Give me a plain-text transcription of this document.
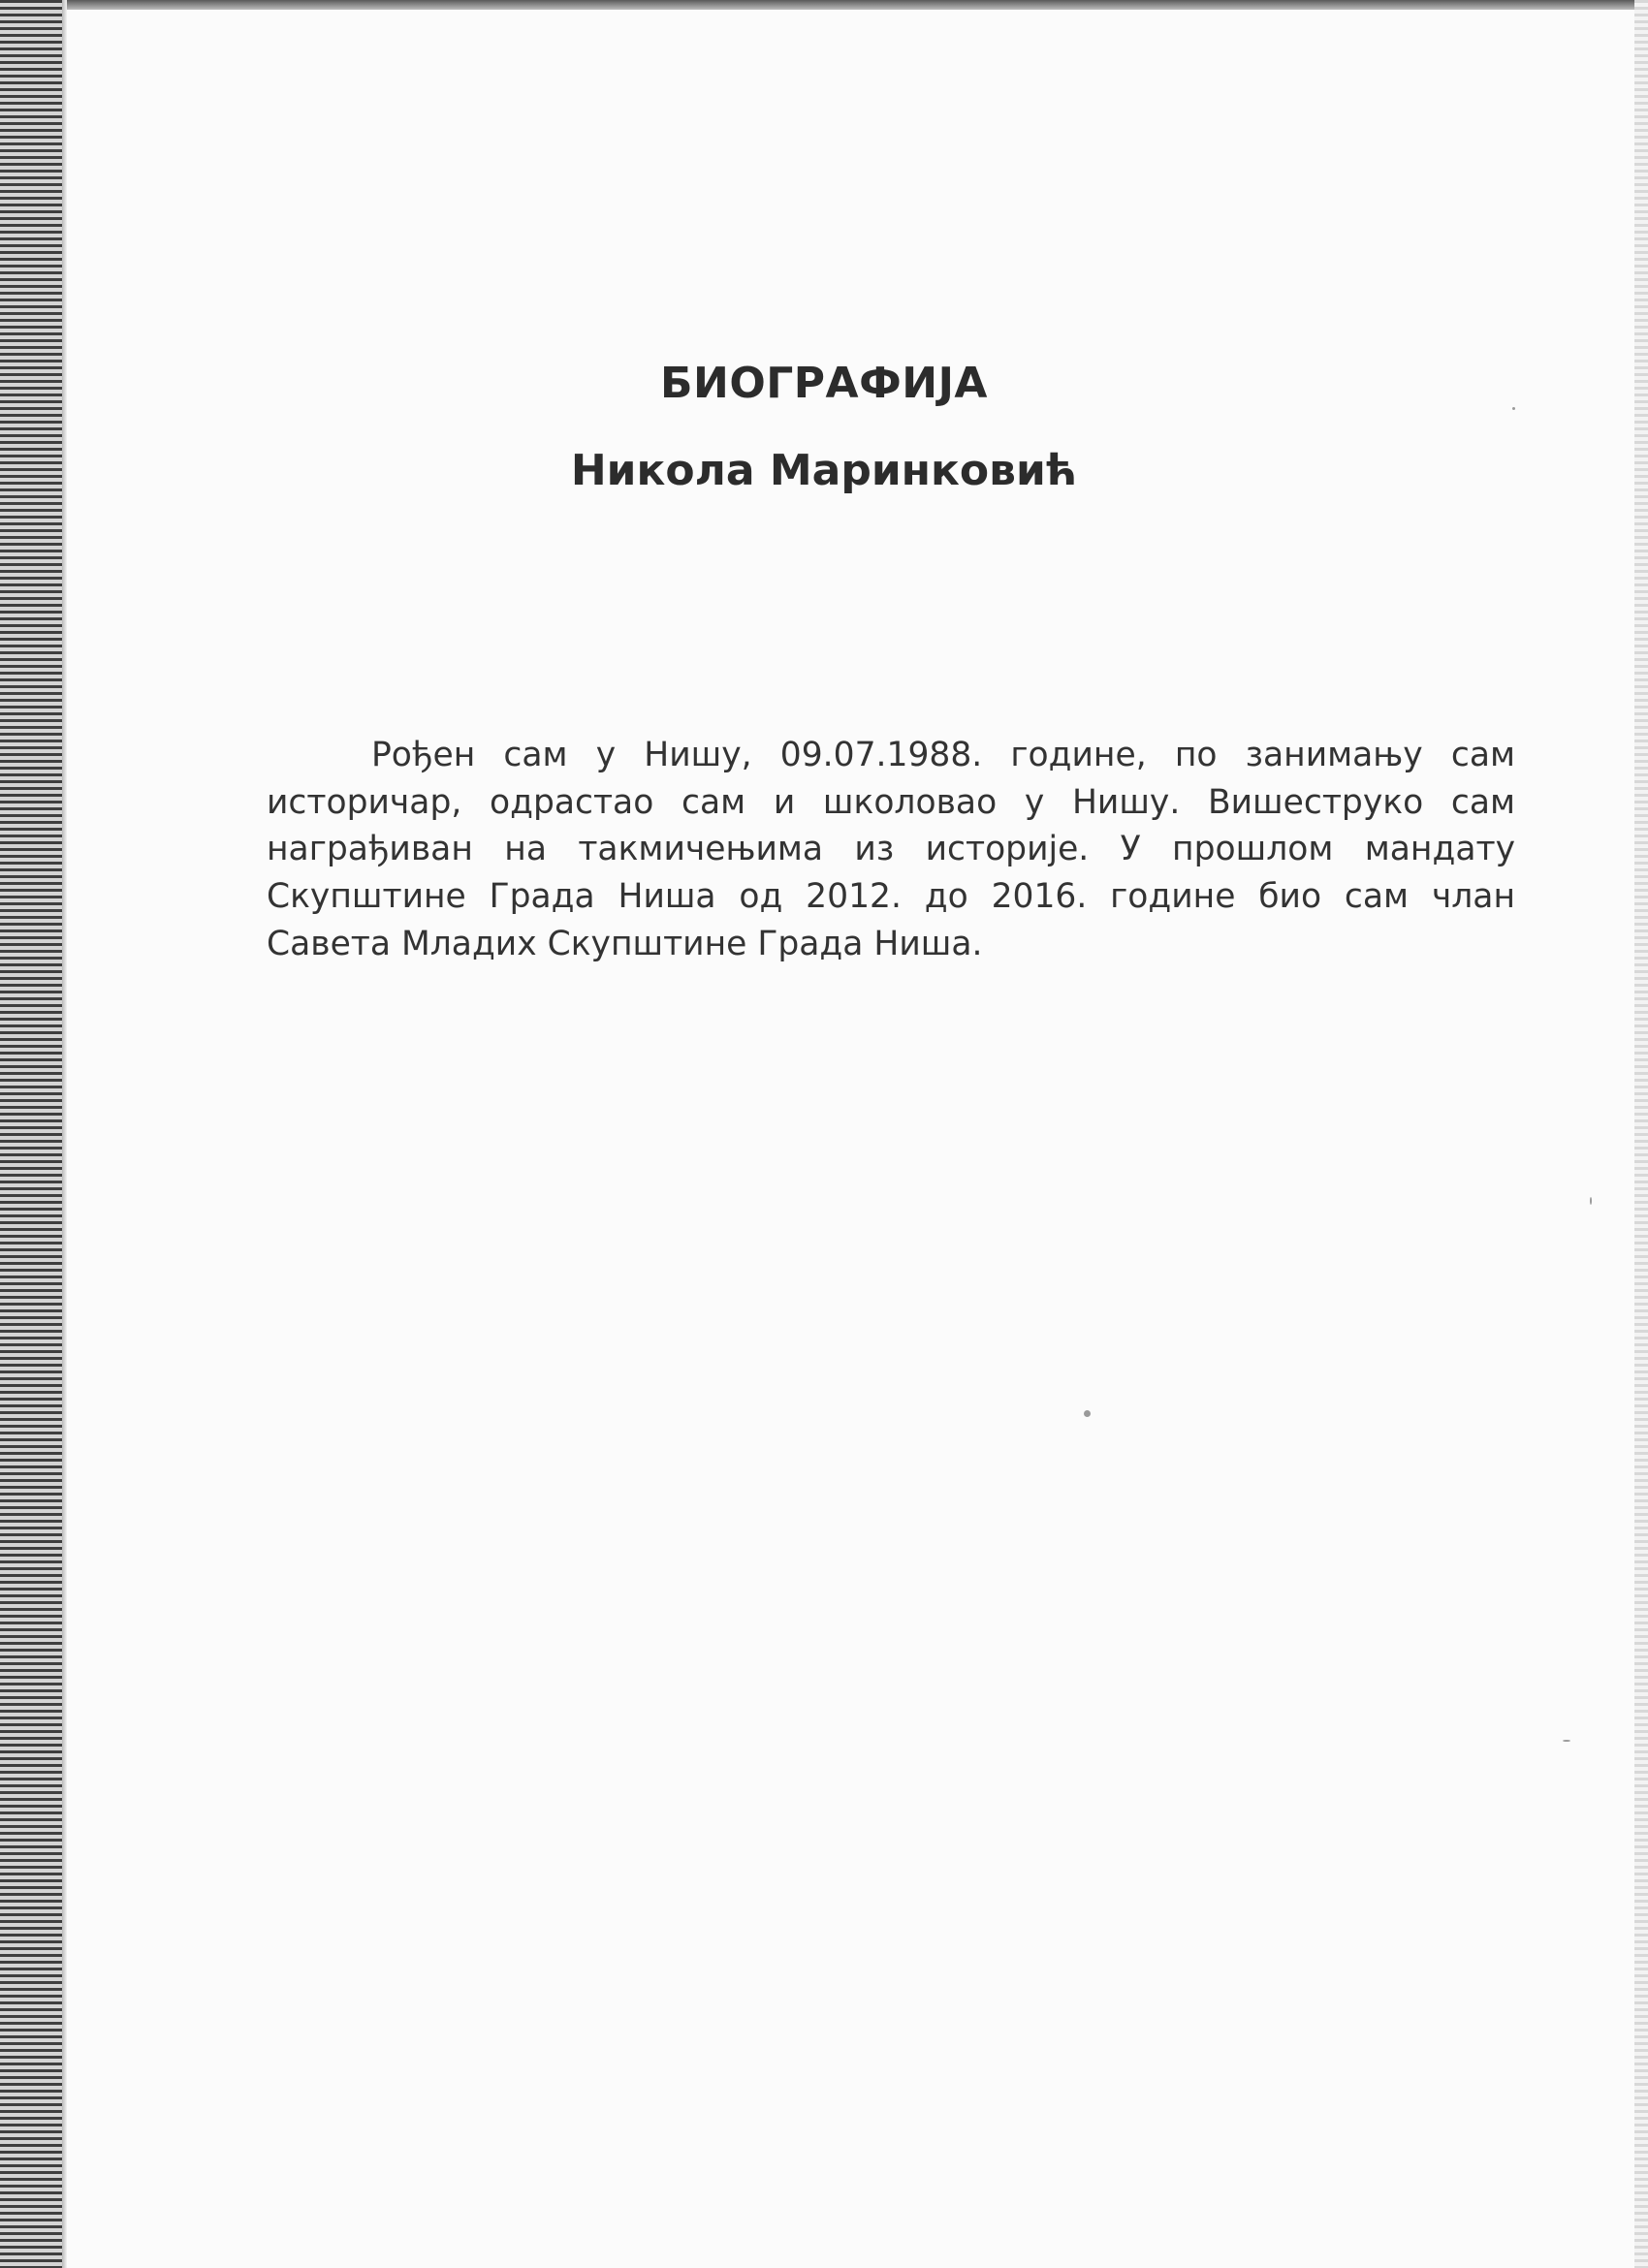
БИОГРАФИЈА
Никола Маринковић

Рођен сам у Нишу, 09.07.1988. године, по занимању сам историчар, одрастао сам и школовао у Нишу. Вишеструко сам награђиван на такмичењима из историје. У прошлом мандату Скупштине Града Ниша од 2012. до 2016. године био сам члан Савета Младих Скупштине Града Ниша.
